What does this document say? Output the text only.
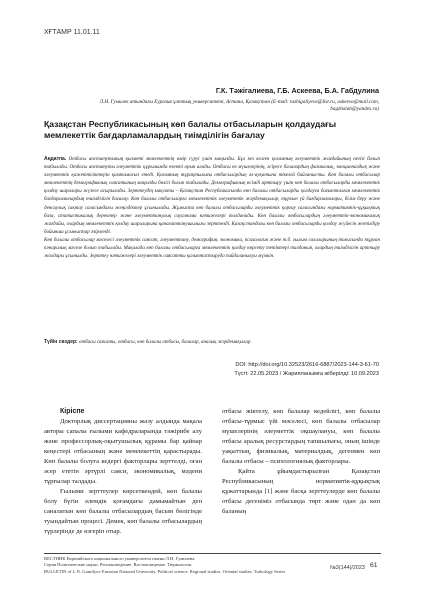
ХҒТАМР 11.01.11
Г.К. Тәжігалиева, Г.Б. Аскеева, Б.А. Габдулина
Л.Н. Гумилев атындағы Еуразия ұлттық университеті, Астана, Қазақстан (E-mail: tazhigaliyeva@list.ru, askeeva@mail.com, bagzhalab@yandex.ru)
Қазақстан Республикасының көп балалы отбасыларын қолдаудағы мемлекеттік бағдарламалардың тиімділігін бағалау

Аңдатпа. Отбасы институтының қызметі мемлекеттің өмір сүруі үшін маңызды. Бұл кез келген қоғамның әлеуметтік жағдайының негізі болып табылады. Отбасы институты әлеуметтік құрылымда өзекті орын алады. Отбасы өз мүшелерінің, әсіресе балалардың физикалық, эмоционалдық және әлеуметтік қажеттіліктерін қамтамасыз етеді. Қоғамның тұрақтылығы отбасылардың әл-ауқатына тікелей байланысты. Көп балалы отбасылар мемлекеттің демографиялық саясатының маңызды бөлігі болып табылады. Демографиялық өсімді арттыру үшін көп балалы отбасыларды мемлекеттік қолдау шаралары жүзеге асырылады. Зерттеудің мақсаты – Қазақстан Республикасында көп балалы отбасыларды қолдауға бағытталған мемлекеттік бағдарламалардың тиімділігін бағалау. Көп балалы отбасыларға мемлекеттік әлеуметтік жәрдемақылар, тұрғын үй бағдарламалары, білім беру және денсаулық сақтау саласындағы жеңілдіктер ұсынылады. Жұмыста көп балалы отбасыларды әлеуметтік қорғау саласындағы нормативтік-құқықтық база, статистикалық деректер және әлеуметтанулық сауалнама нәтижелері талданады. Көп балалы отбасылардың әлеуметтік-экономикалық жағдайы, олардың мемлекеттік қолдау шараларына қанағаттанушылығы зерттелді. Қазақстандағы көп балалы отбасыларды қолдау жүйесін жетілдіру бойынша ұсыныстар әзірленді.

Көп балалы отбасылар мәселесі әлеуметтік саясат, әлеуметтану, демография, экономика, психология және т.б. ғылым салаларының тоғысында тұрған пәнаралық мәселе болып табылады. Мақалада көп балалы отбасыларға мемлекеттік қолдау көрсету тетіктері талданып, олардың тиімділігін арттыру жолдары ұсынылды. Зерттеу нәтижелері әлеуметтік саясатты қалыптастыруда пайдаланылуы мүмкін.

Түйін сөздер: отбасы саясаты, отбасы, көп балалы отбасы, балалар, аналық жәрдемақылар.
DOI: http://doi.org/10.32523/2616-6887/2023-144-3-61-70
Түсті: 22.05.2023 / Жарияланымға жіберілді: 10.09.2023
Кіріспе

Докторлық диссертацияны жазу алдында мақала авторы сапалы ғылыми кафедраларында тәжірибе алу және профессорлық-оқытушылық құрамы бар қайнар кеңестері отбасының және мемлекеттің қарастырады. Көп балалы болуға кедергі факторлары зерттелді, оған әсер ететін әртүрлі саяси, экономикалық, мәдени тұрғылар талдады.

Ғылыми зерттеулер көрсеткендей, көп балалы болу бүгін әлемдік қоғамдағы дамымайтын деп саналатын көп балалы отбасылардың басым бөлігінде туындайтын процесі. Демек, көп балалы отбасылардың түрлерінде де өзгеріп отыр.

отбасы жіктелу, көп балалар кедейлігі, көп балалы отбасы-тұрмыс үйі мәселесі, көп балалы отбасылар мүшелерінің әлеуметтік оқшаулануы, көп балалы отбасы аралық ресурстардың тапшылығы, оның ішінде уақыттың, физикалық, материалдық, дегенмен көп балалы отбасы – психологиялық факторлары.

Қайта ұйымдастырылған Қазақстан Республикасының нормативтік-құқықтық құжаттарында [1] және басқа зерттеулерде көп балалы отбасы дегеніміз отбасында төрт және одан да көп баланың

ВЕСТНИК Евразийского национального университета имени Л.Н. Гумилева.
Серия Политические науки. Регионоведение. Востоковедение. Тюркология.
BULLETIN of L.N. Gumilyov Eurasian National University. Political science. Regional studies. Oriental studies. Turkology Series
№3(144)/2023 61
